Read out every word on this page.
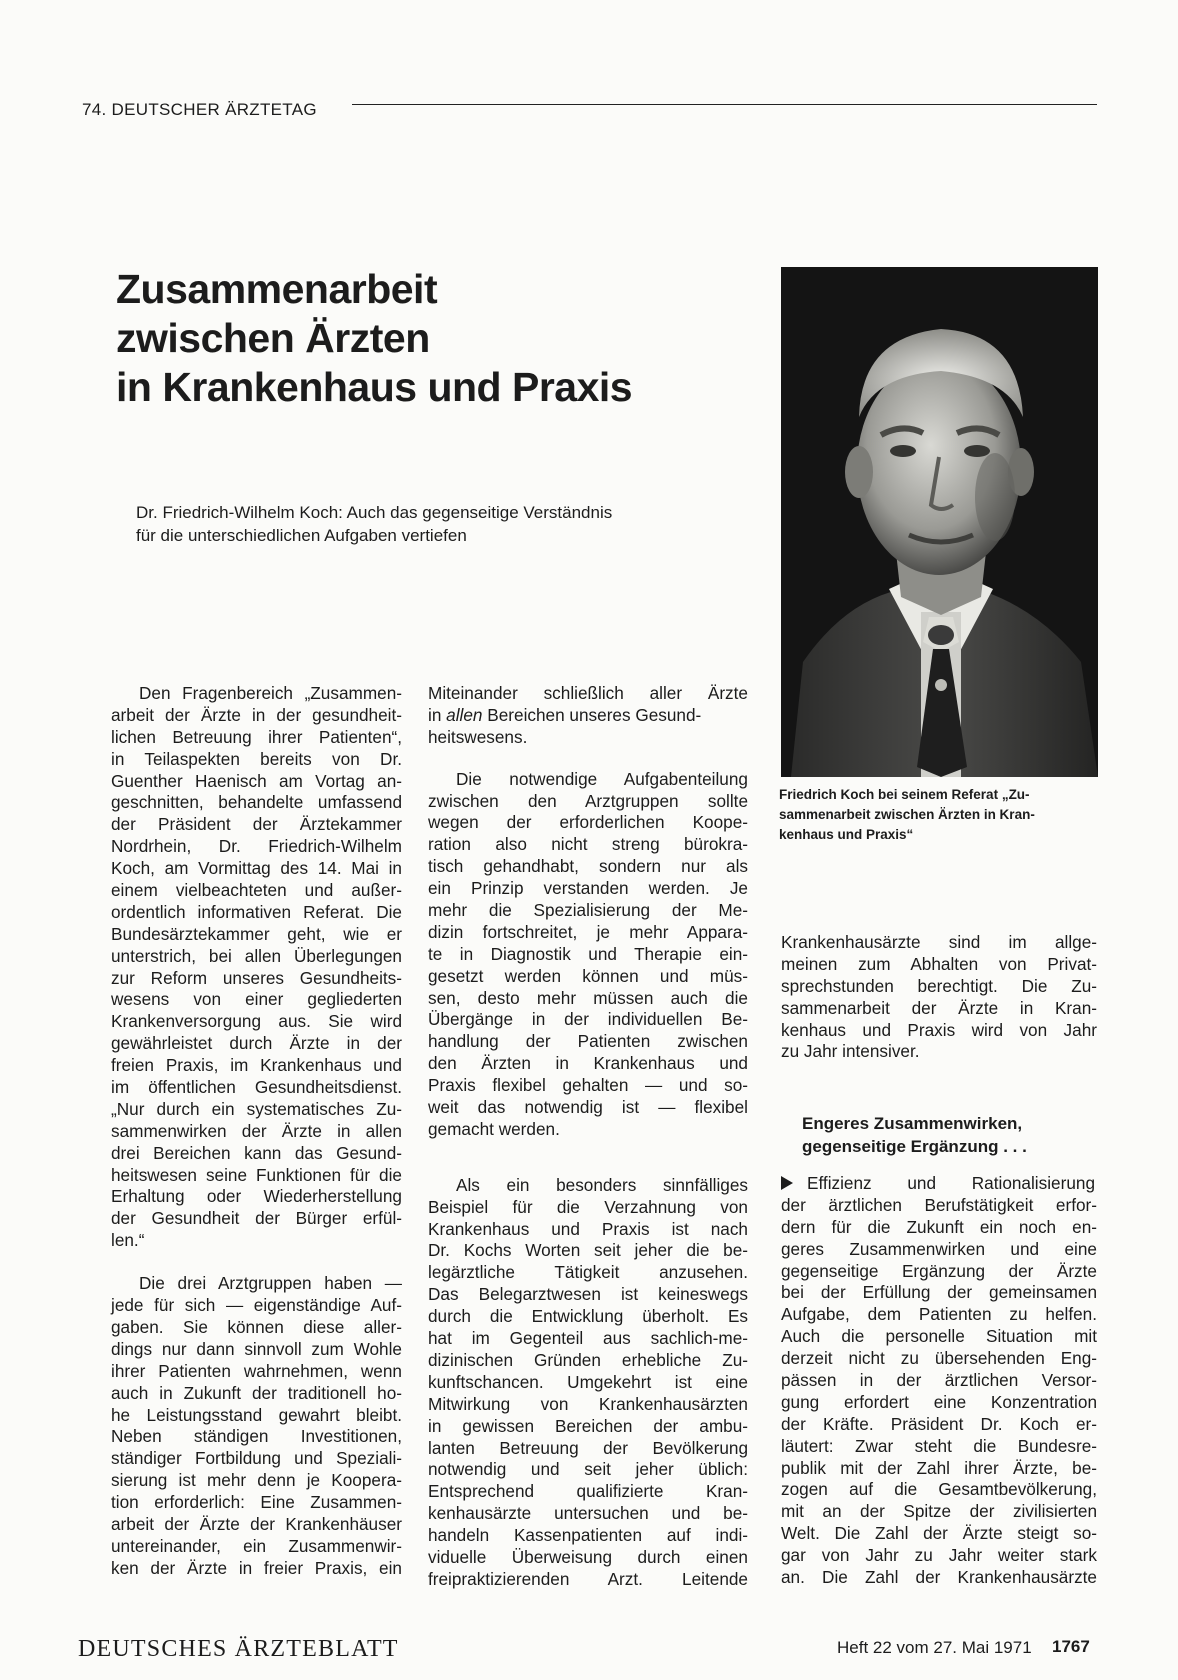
74. DEUTSCHER ÄRZTETAG
Zusammenarbeit
zwischen Ärzten
in Krankenhaus und Praxis
Dr. Friedrich-Wilhelm Koch: Auch das gegenseitige Verständnis
für die unterschiedlichen Aufgaben vertiefen
Friedrich Koch bei seinem Referat „Zu-
sammenarbeit zwischen Ärzten in Kran-
kenhaus und Praxis“
Den Fragenbereich „Zusammen-
arbeit der Ärzte in der gesundheit-
lichen Betreuung ihrer Patienten“,
in Teilaspekten bereits von Dr.
Guenther Haenisch am Vortag an-
geschnitten, behandelte umfassend
der Präsident der Ärztekammer
Nordrhein, Dr. Friedrich-Wilhelm
Koch, am Vormittag des 14. Mai in
einem vielbeachteten und außer-
ordentlich informativen Referat. Die
Bundesärztekammer geht, wie er
unterstrich, bei allen Überlegungen
zur Reform unseres Gesundheits-
wesens von einer gegliederten
Krankenversorgung aus. Sie wird
gewährleistet durch Ärzte in der
freien Praxis, im Krankenhaus und
im öffentlichen Gesundheitsdienst.
„Nur durch ein systematisches Zu-
sammenwirken der Ärzte in allen
drei Bereichen kann das Gesund-
heitswesen seine Funktionen für die
Erhaltung oder Wiederherstellung
der Gesundheit der Bürger erfül-
len.“
Die drei Arztgruppen haben —
jede für sich — eigenständige Auf-
gaben. Sie können diese aller-
dings nur dann sinnvoll zum Wohle
ihrer Patienten wahrnehmen, wenn
auch in Zukunft der traditionell ho-
he Leistungsstand gewahrt bleibt.
Neben ständigen Investitionen,
ständiger Fortbildung und Speziali-
sierung ist mehr denn je Koopera-
tion erforderlich: Eine Zusammen-
arbeit der Ärzte der Krankenhäuser
untereinander, ein Zusammenwir-
ken der Ärzte in freier Praxis, ein
Miteinander schließlich aller Ärzte
in allen Bereichen unseres Gesund-
heitswesens.
Die notwendige Aufgabenteilung
zwischen den Arztgruppen sollte
wegen der erforderlichen Koope-
ration also nicht streng bürokra-
tisch gehandhabt, sondern nur als
ein Prinzip verstanden werden. Je
mehr die Spezialisierung der Me-
dizin fortschreitet, je mehr Appara-
te in Diagnostik und Therapie ein-
gesetzt werden können und müs-
sen, desto mehr müssen auch die
Übergänge in der individuellen Be-
handlung der Patienten zwischen
den Ärzten in Krankenhaus und
Praxis flexibel gehalten — und so-
weit das notwendig ist — flexibel
gemacht werden.
Als ein besonders sinnfälliges
Beispiel für die Verzahnung von
Krankenhaus und Praxis ist nach
Dr. Kochs Worten seit jeher die be-
legärztliche Tätigkeit anzusehen.
Das Belegarztwesen ist keineswegs
durch die Entwicklung überholt. Es
hat im Gegenteil aus sachlich-me-
dizinischen Gründen erhebliche Zu-
kunftschancen. Umgekehrt ist eine
Mitwirkung von Krankenhausärzten
in gewissen Bereichen der ambu-
lanten Betreuung der Bevölkerung
notwendig und seit jeher üblich:
Entsprechend qualifizierte Kran-
kenhausärzte untersuchen und be-
handeln Kassenpatienten auf indi-
viduelle Überweisung durch einen
freipraktizierenden Arzt. Leitende
Krankenhausärzte sind im allge-
meinen zum Abhalten von Privat-
sprechstunden berechtigt. Die Zu-
sammenarbeit der Ärzte in Kran-
kenhaus und Praxis wird von Jahr
zu Jahr intensiver.
Engeres Zusammenwirken,
gegenseitige Ergänzung . . .
Effizienz und Rationalisierung
der ärztlichen Berufstätigkeit erfor-
dern für die Zukunft ein noch en-
geres Zusammenwirken und eine
gegenseitige Ergänzung der Ärzte
bei der Erfüllung der gemeinsamen
Aufgabe, dem Patienten zu helfen.
Auch die personelle Situation mit
derzeit nicht zu übersehenden Eng-
pässen in der ärztlichen Versor-
gung erfordert eine Konzentration
der Kräfte. Präsident Dr. Koch er-
läutert: Zwar steht die Bundesre-
publik mit der Zahl ihrer Ärzte, be-
zogen auf die Gesamtbevölkerung,
mit an der Spitze der zivilisierten
Welt. Die Zahl der Ärzte steigt so-
gar von Jahr zu Jahr weiter stark
an. Die Zahl der Krankenhausärzte
DEUTSCHES ÄRZTEBLATT	Heft 22 vom 27. Mai 1971 1767
